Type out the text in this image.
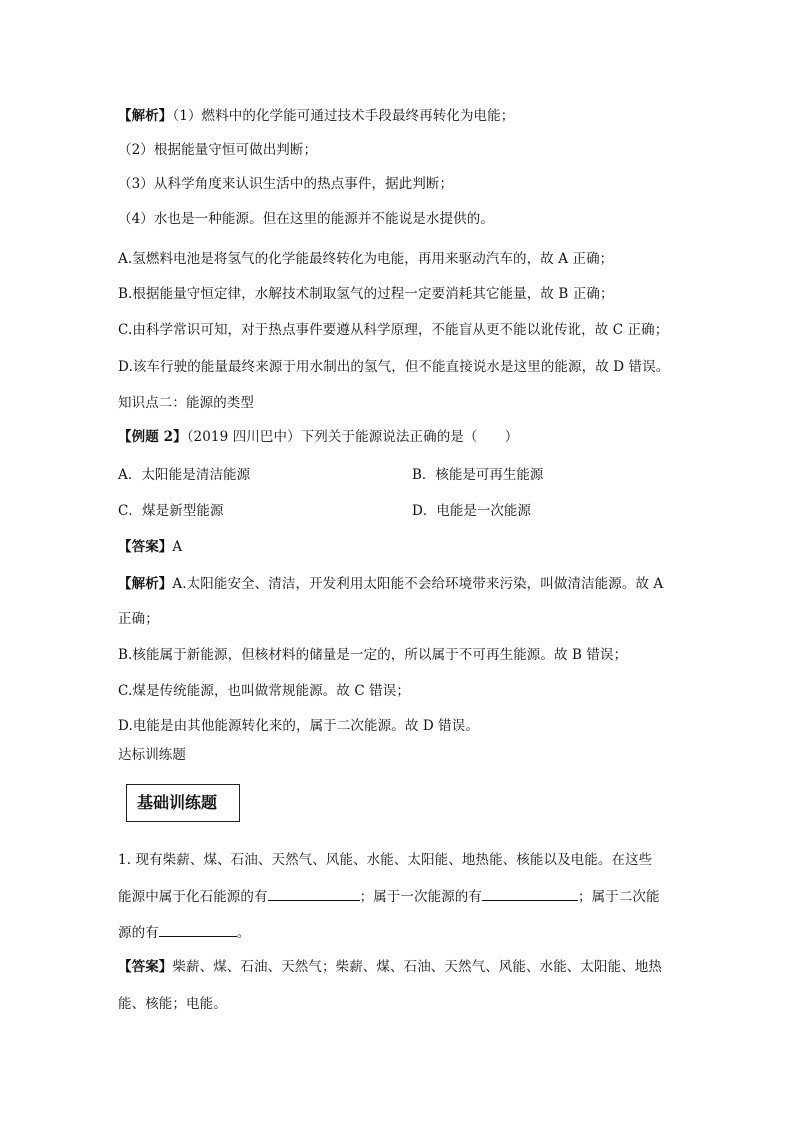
【解析】（1）燃料中的化学能可通过技术手段最终再转化为电能；

（2）根据能量守恒可做出判断；

（3）从科学角度来认识生活中的热点事件，据此判断；

（4）水也是一种能源。但在这里的能源并不能说是水提供的。

A.氢燃料电池是将氢气的化学能最终转化为电能，再用来驱动汽车的，故 A 正确；

B.根据能量守恒定律，水解技术制取氢气的过程一定要消耗其它能量，故 B 正确；

C.由科学常识可知，对于热点事件要遵从科学原理，不能盲从更不能以讹传讹，故 C 正确；

D.该车行驶的能量最终来源于用水制出的氢气，但不能直接说水是这里的能源，故 D 错误。

知识点二：能源的类型

【例题 2】（2019 四川巴中）下列关于能源说法正确的是（　　）

A．太阳能是清洁能源	B．核能是可再生能源

C．煤是新型能源	D．电能是一次能源

【答案】A

【解析】A.太阳能安全、清洁，开发利用太阳能不会给环境带来污染，叫做清洁能源。故 A

正确；

B.核能属于新能源，但核材料的储量是一定的，所以属于不可再生能源。故 B 错误；

C.煤是传统能源，也叫做常规能源。故 C 错误；

D.电能是由其他能源转化来的，属于二次能源。故 D 错误。

达标训练题

基础训练题

1. 现有柴薪、煤、石油、天然气、风能、水能、太阳能、地热能、核能以及电能。在这些

能源中属于化石能源的有	；属于一次能源的有	；属于二次能

源的有	。

【答案】柴薪、煤、石油、天然气；柴薪、煤、石油、天然气、风能、水能、太阳能、地热

能、核能；电能。
